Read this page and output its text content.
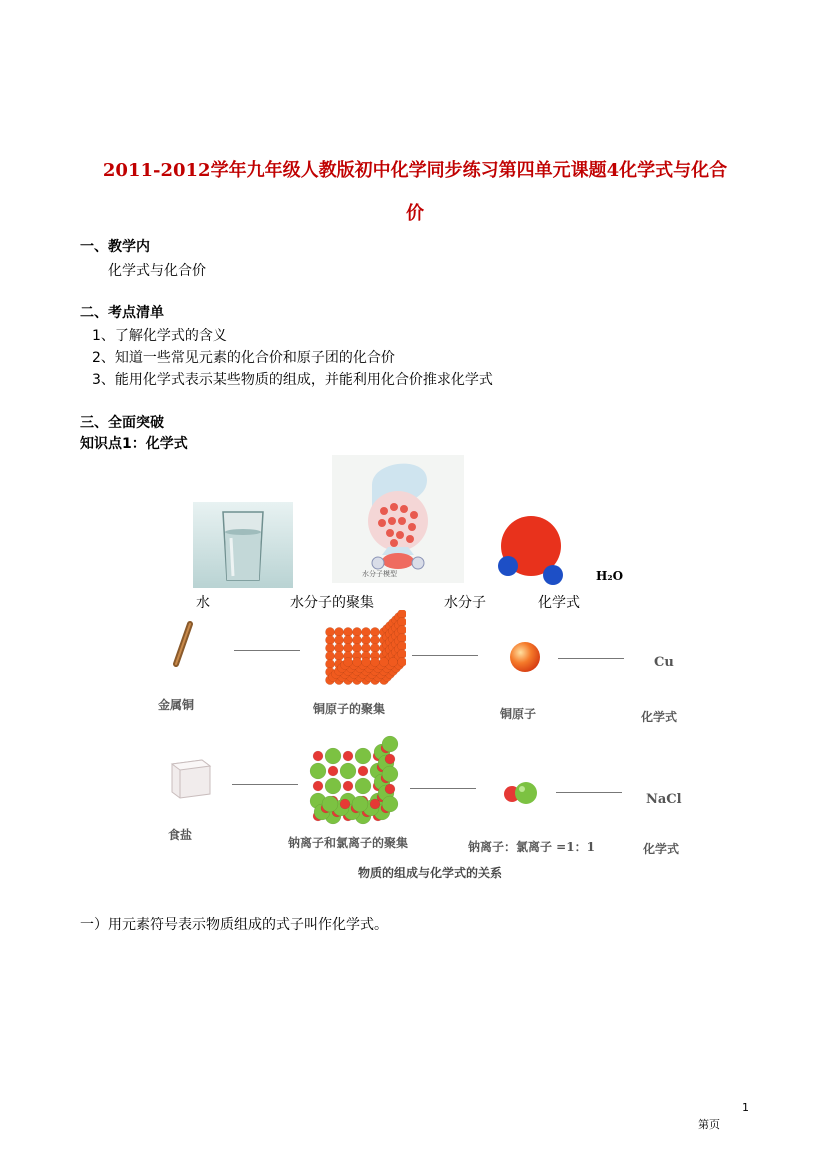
2011-2012学年九年级人教版初中化学同步练习第四单元课题4化学式与化合
价
一、教学内
化学式与化合价
二、考点清单
1、了解化学式的含义
2、知道一些常见元素的化合价和原子团的化合价
3、能用化学式表示某些物质的组成，并能利用化合价推求化学式
三、全面突破
知识点1：化学式
水分子模型	H₂O
水	水分子的聚集	水分子	化学式
Cu
金属铜	铜原子的聚集	铜原子	化学式
NaCl
食盐
钠离子和氯离子的聚集	钠离子：氯离子 =1：1	化学式
物质的组成与化学式的关系
一）用元素符号表示物质组成的式子叫作化学式。
1
第页
